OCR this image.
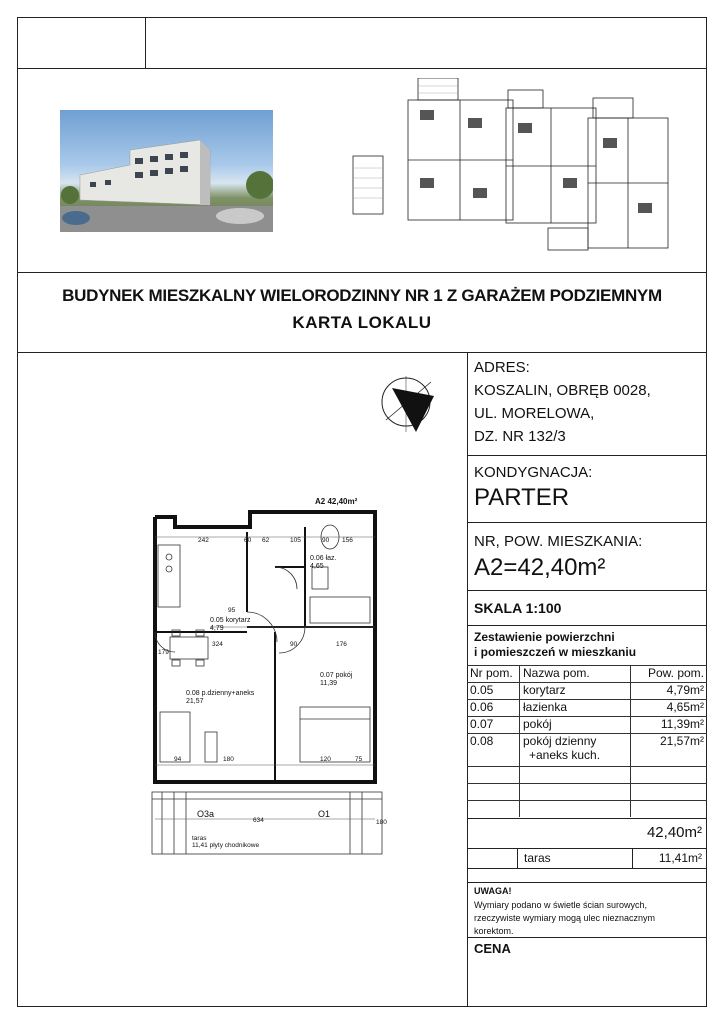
BUDYNEK MIESZKALNY WIELORODZINNY NR 1 Z GARAŻEM PODZIEMNYM
KARTA LOKALU
ADRES:
KOSZALIN, OBRĘB 0028,
UL. MORELOWA,
DZ. NR 132/3
KONDYGNACJA:
PARTER
NR, POW. MIESZKANIA:
A2=42,40m²
SKALA 1:100
Zestawienie powierzchni
i pomieszczeń w mieszkaniu
Nr pom.	Nazwa pom.	Pow. pom.
0.05	korytarz	4,79m²
0.06	łazienka	4,65m²
0.07	pokój	11,39m²
0.08	pokój dzienny
+aneks kuch.	21,57m²

42,40m²
taras	11,41m²
UWAGA!
Wymiary podano w świetle ścian surowych,
rzeczywiste wymiary mogą ulec nieznacznym
korektom.
CENA
A2 42,40m²
0.05 korytarz
4,79
0.06 łaz.
4,65
0.07 pokój
11,39
0.08 p.dzienny+aneks
21,57
O3a	O1
taras
11,41 płyty chodnikowe
242	60 62	105	90 156
324
179
180	120	75
94
634	180
95
90	176
